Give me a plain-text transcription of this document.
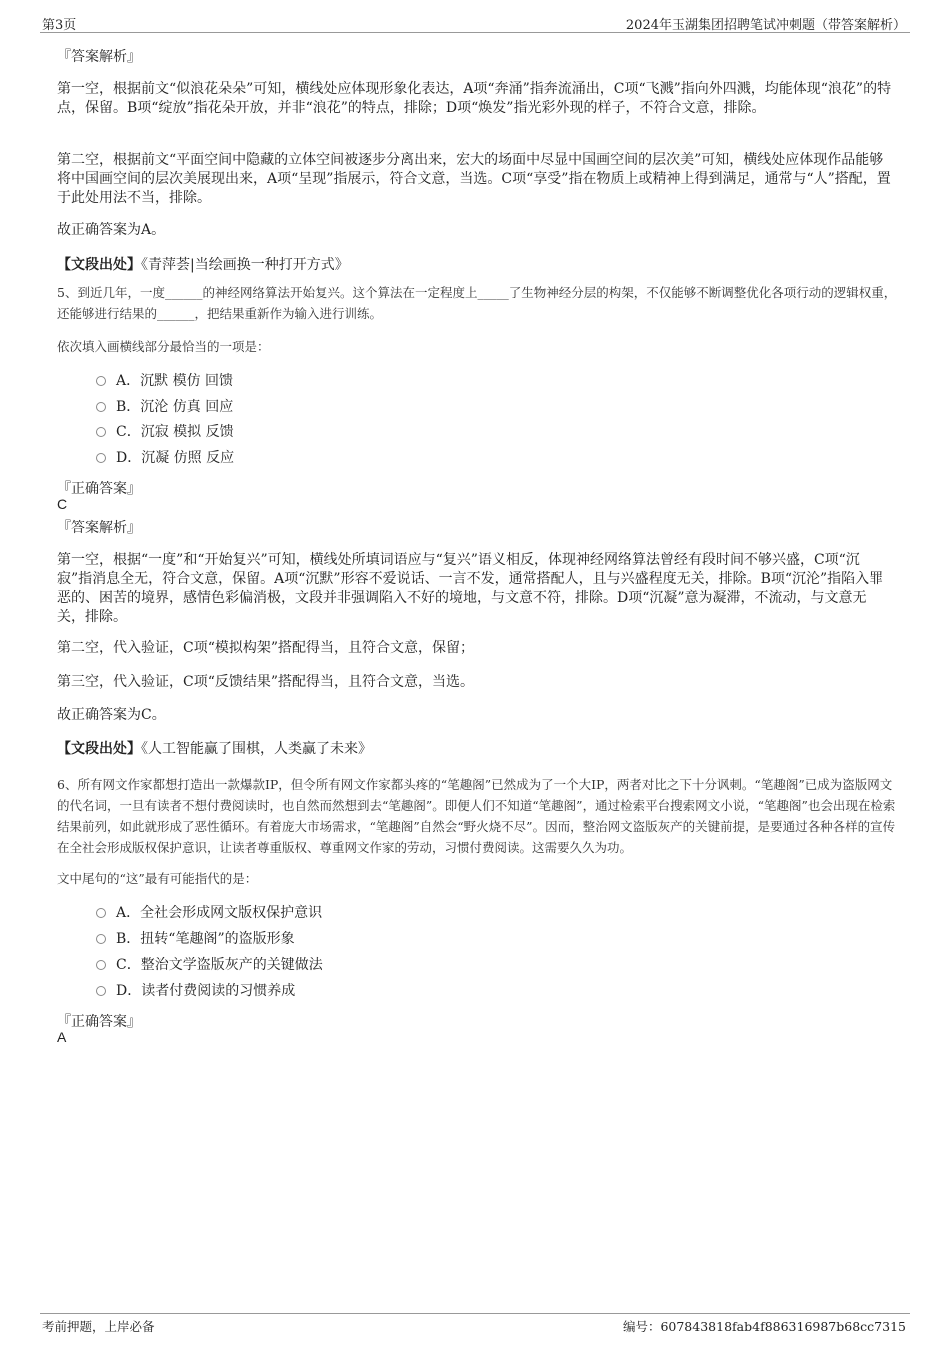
第3页	2024年玉湖集团招聘笔试冲刺题（带答案解析）
『答案解析』

第一空，根据前文“似浪花朵朵”可知，横线处应体现形象化表达，A项“奔涌”指奔流涌出，C项“飞溅”指向外四溅，均能体现“浪花”的特点，保留。B项“绽放”指花朵开放，并非“浪花”的特点，排除；D项“焕发”指光彩外现的样子，不符合文意，排除。

第二空，根据前文“平面空间中隐藏的立体空间被逐步分离出来，宏大的场面中尽显中国画空间的层次美”可知，横线处应体现作品能够将中国画空间的层次美展现出来，A项“呈现”指展示，符合文意，当选。C项“享受”指在物质上或精神上得到满足，通常与“人”搭配，置于此处用法不当，排除。

故正确答案为A。
【文段出处】《青萍荟|当绘画换一种打开方式》

5、到近几年，一度______的神经网络算法开始复兴。这个算法在一定程度上_____了生物神经分层的构架，不仅能够不断调整优化各项行动的逻辑权重，还能够进行结果的______，把结果重新作为输入进行训练。

依次填入画横线部分最恰当的一项是：
A．沉默 模仿 回馈
B．沉沦 仿真 回应
C．沉寂 模拟 反馈
D．沉凝 仿照 反应
『正确答案』
C
『答案解析』

第一空，根据“一度”和“开始复兴”可知，横线处所填词语应与“复兴”语义相反，体现神经网络算法曾经有段时间不够兴盛，C项“沉寂”指消息全无，符合文意，保留。A项“沉默”形容不爱说话、一言不发，通常搭配人，且与兴盛程度无关，排除。B项“沉沦”指陷入罪恶的、困苦的境界，感情色彩偏消极，文段并非强调陷入不好的境地，与文意不符，排除。D项“沉凝”意为凝滞，不流动，与文意无关，排除。

第二空，代入验证，C项“模拟构架”搭配得当，且符合文意，保留；

第三空，代入验证，C项“反馈结果”搭配得当，且符合文意，当选。

故正确答案为C。
【文段出处】《人工智能赢了围棋，人类赢了未来》

6、所有网文作家都想打造出一款爆款IP，但令所有网文作家都头疼的“笔趣阁”已然成为了一个大IP，两者对比之下十分讽刺。“笔趣阁”已成为盗版网文的代名词，一旦有读者不想付费阅读时，也自然而然想到去“笔趣阁”。即便人们不知道“笔趣阁”，通过检索平台搜索网文小说，“笔趣阁”也会出现在检索结果前列，如此就形成了恶性循环。有着庞大市场需求，“笔趣阁”自然会“野火烧不尽”。因而，整治网文盗版灰产的关键前提，是要通过各种各样的宣传在全社会形成版权保护意识，让读者尊重版权、尊重网文作家的劳动，习惯付费阅读。这需要久久为功。

文中尾句的“这”最有可能指代的是：
A．全社会形成网文版权保护意识
B．扭转“笔趣阁”的盗版形象
C．整治文学盗版灰产的关键做法
D．读者付费阅读的习惯养成
『正确答案』
A
考前押题，上岸必备	编号：607843818fab4f886316987b68cc7315
